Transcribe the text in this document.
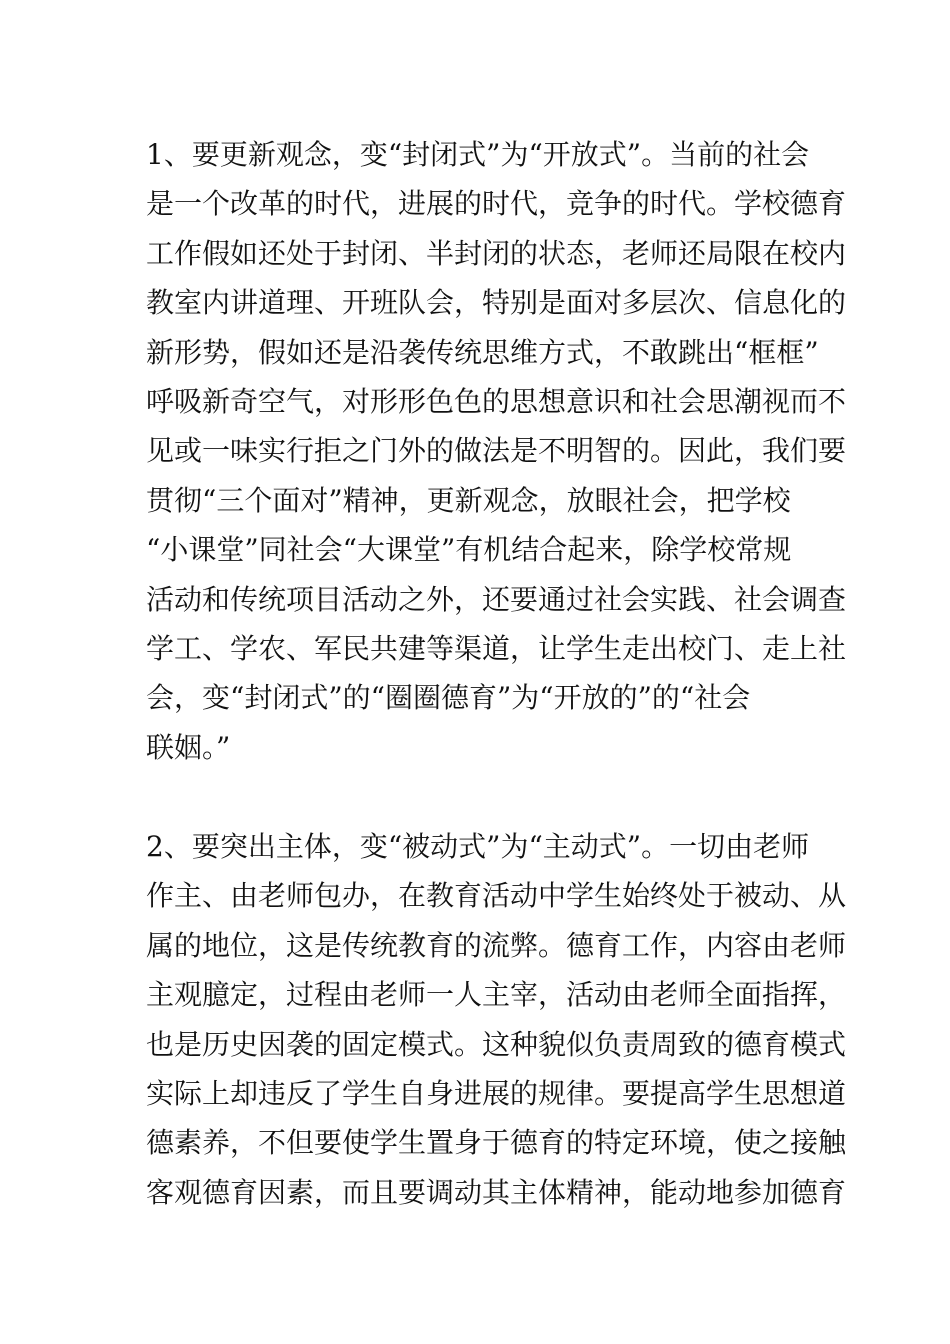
1、要更新观念，变“封闭式”为“开放式”。当前的社会
是一个改革的时代，进展的时代，竞争的时代。学校德育
工作假如还处于封闭、半封闭的状态，老师还局限在校内
教室内讲道理、开班队会，特别是面对多层次、信息化的
新形势，假如还是沿袭传统思维方式，不敢跳出“框框”
呼吸新奇空气，对形形色色的思想意识和社会思潮视而不
见或一味实行拒之门外的做法是不明智的。因此，我们要
贯彻“三个面对”精神，更新观念，放眼社会，把学校
“小课堂”同社会“大课堂”有机结合起来，除学校常规
活动和传统项目活动之外，还要通过社会实践、社会调查
学工、学农、军民共建等渠道，让学生走出校门、走上社
会，变“封闭式”的“圈圈德育”为“开放的”的“社会
联姻。”
2、要突出主体，变“被动式”为“主动式”。一切由老师
作主、由老师包办，在教育活动中学生始终处于被动、从
属的地位，这是传统教育的流弊。德育工作，内容由老师
主观臆定，过程由老师一人主宰，活动由老师全面指挥，
也是历史因袭的固定模式。这种貌似负责周致的德育模式
实际上却违反了学生自身进展的规律。要提高学生思想道
德素养，不但要使学生置身于德育的特定环境，使之接触
客观德育因素，而且要调动其主体精神，能动地参加德育
